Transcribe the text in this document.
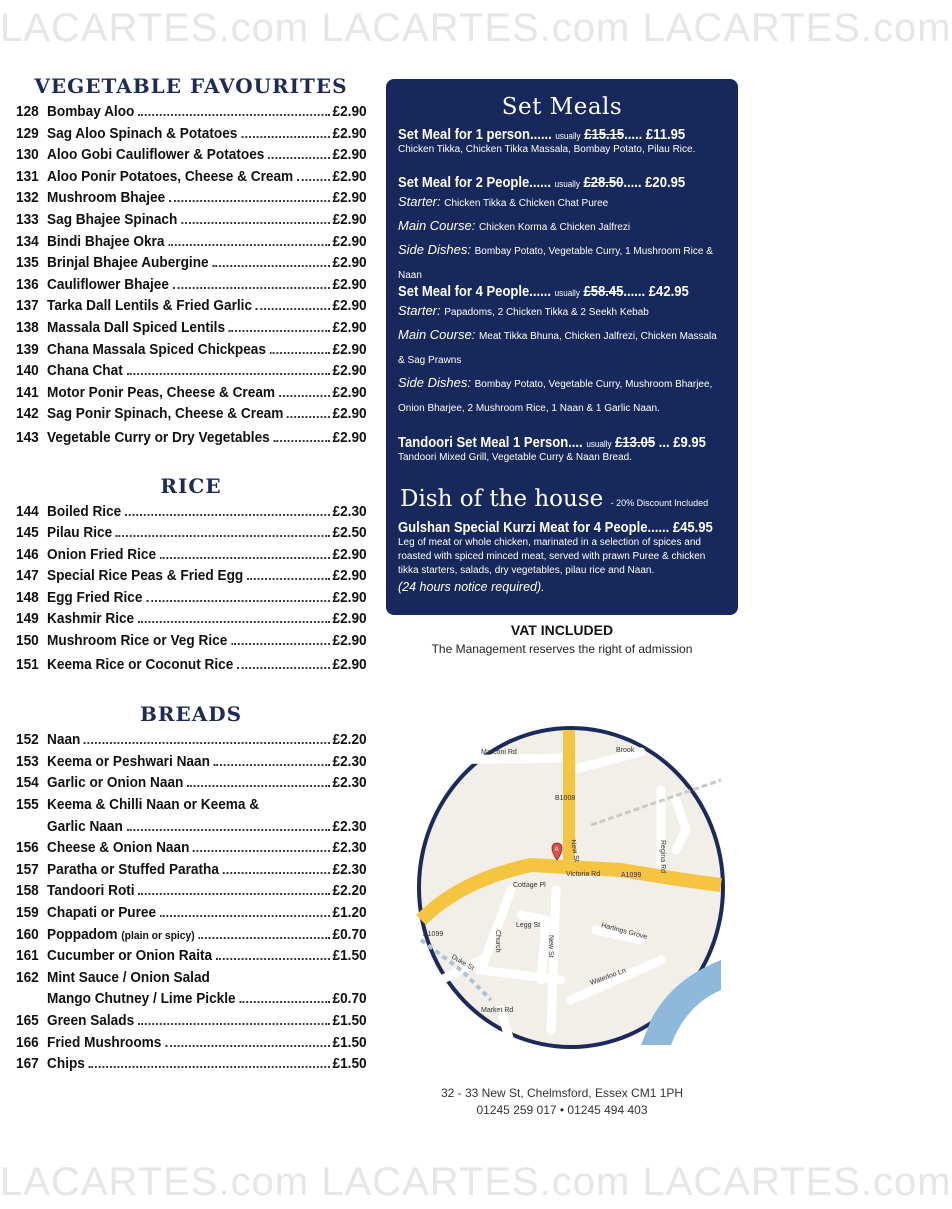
LACARTES.com LACARTES.com LACARTES.com
VEGETABLE FAVOURITES
128 Bombay Aloo	£2.90
129 Sag Aloo Spinach & Potatoes	£2.90
130 Aloo Gobi Cauliflower & Potatoes	£2.90
131 Aloo Ponir Potatoes, Cheese & Cream	£2.90
132 Mushroom Bhajee	£2.90
133 Sag Bhajee Spinach	£2.90
134 Bindi Bhajee Okra	£2.90
135 Brinjal Bhajee Aubergine	£2.90
136 Cauliflower Bhajee	£2.90
137 Tarka Dall Lentils & Fried Garlic	£2.90
138 Massala Dall Spiced Lentils	£2.90
139 Chana Massala Spiced Chickpeas	£2.90
140 Chana Chat	£2.90
141 Motor Ponir Peas, Cheese & Cream	£2.90
142 Sag Ponir Spinach, Cheese & Cream	£2.90
143 Vegetable Curry or Dry Vegetables	£2.90
RICE
144 Boiled Rice	£2.30
145 Pilau Rice	£2.50
146 Onion Fried Rice	£2.90
147 Special Rice Peas & Fried Egg	£2.90
148 Egg Fried Rice	£2.90
149 Kashmir Rice	£2.90
150 Mushroom Rice or Veg Rice	£2.90
151 Keema Rice or Coconut Rice	£2.90
BREADS
152 Naan	£2.20
153 Keema or Peshwari Naan	£2.30
154 Garlic or Onion Naan	£2.30
155 Keema & Chilli Naan or Keema &
Garlic Naan	£2.30
156 Cheese & Onion Naan	£2.30
157 Paratha or Stuffed Paratha	£2.30
158 Tandoori Roti	£2.20
159 Chapati or Puree	£1.20
160 Poppadom (plain or spicy)	£0.70
161 Cucumber or Onion Raita	£1.50
162 Mint Sauce / Onion Salad
Mango Chutney / Lime Pickle	£0.70
165 Green Salads	£1.50
166 Fried Mushrooms	£1.50
167 Chips	£1.50
Set Meals
Set Meal for 1 person...... usually £15.15..... £11.95
Chicken Tikka, Chicken Tikka Massala, Bombay Potato, Pilau Rice.
Set Meal for 2 People...... usually £28.50..... £20.95
Starter: Chicken Tikka & Chicken Chat Puree
Main Course: Chicken Korma & Chicken Jalfrezi
Side Dishes: Bombay Potato, Vegetable Curry, 1 Mushroom Rice & Naan
Set Meal for 4 People...... usually £58.45...... £42.95
Starter: Papadoms, 2 Chicken Tikka & 2 Seekh Kebab
Main Course: Meat Tikka Bhuna, Chicken Jalfrezi, Chicken Massala
& Sag Prawns
Side Dishes: Bombay Potato, Vegetable Curry, Mushroom Bharjee,
Onion Bharjee, 2 Mushroom Rice, 1 Naan & 1 Garlic Naan.
Tandoori Set Meal 1 Person.... usually £13.05 ... £9.95
Tandoori Mixed Grill, Vegetable Curry & Naan Bread.
Dish of the house - 20% Discount Included
Gulshan Special Kurzi Meat for 4 People...... £45.95
Leg of meat or whole chicken, marinated in a selection of spices and
roasted with spiced minced meat, served with prawn Puree & chicken
tikka starters, salads, dry vegetables, pilau rice and Naan.
(24 hours notice required).
VAT INCLUDED
The Management reserves the right of admission
Marconi Rd	Brook
B1008
New St	Regina Rd
Victoria Rd	A1099
Cottage Pl
Legg St
New St
Hartings Grove
A1099
Duke St
Waterloo Ln
Market Rd
Church
A
32 - 33 New St, Chelmsford, Essex CM1 1PH
01245 259 017 • 01245 494 403
LACARTES.com LACARTES.com LACARTES.com
